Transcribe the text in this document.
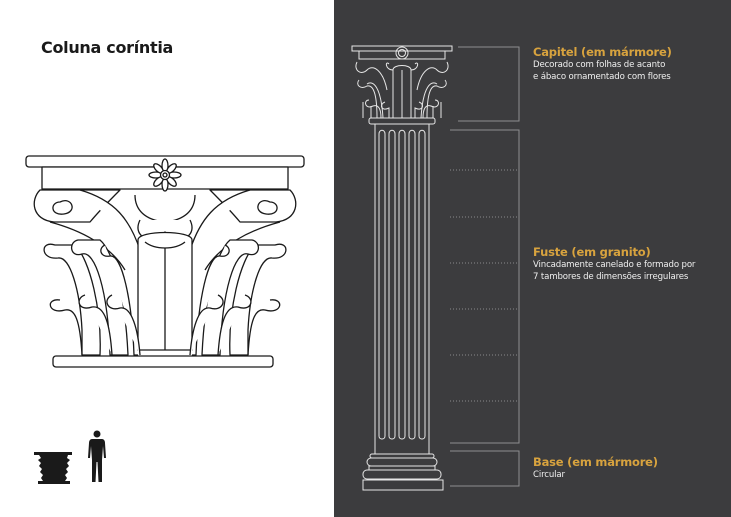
Coluna coríntia	Capitel (em mármore)
Decorado com folhas de acanto
e ábaco ornamentado com flores
Fuste (em granito)
Vincadamente canelado e formado por
7 tambores de dimensões irregulares
Base (em mármore)
Circular
